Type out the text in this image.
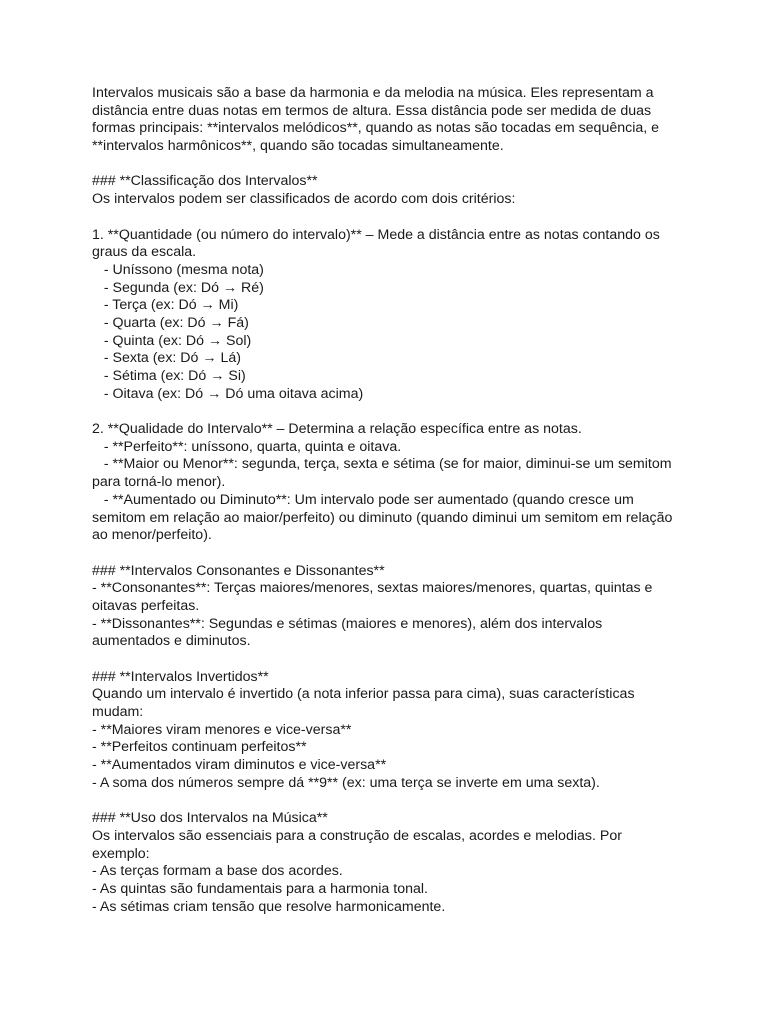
Intervalos musicais são a base da harmonia e da melodia na música. Eles representam a
distância entre duas notas em termos de altura. Essa distância pode ser medida de duas
formas principais: **intervalos melódicos**, quando as notas são tocadas em sequência, e
**intervalos harmônicos**, quando são tocadas simultaneamente.
### **Classificação dos Intervalos**
Os intervalos podem ser classificados de acordo com dois critérios:
1. **Quantidade (ou número do intervalo)** – Mede a distância entre as notas contando os
graus da escala.
- Uníssono (mesma nota)
- Segunda (ex: Dó → Ré)
- Terça (ex: Dó → Mi)
- Quarta (ex: Dó → Fá)
- Quinta (ex: Dó → Sol)
- Sexta (ex: Dó → Lá)
- Sétima (ex: Dó → Si)
- Oitava (ex: Dó → Dó uma oitava acima)
2. **Qualidade do Intervalo** – Determina a relação específica entre as notas.
- **Perfeito**: uníssono, quarta, quinta e oitava.
- **Maior ou Menor**: segunda, terça, sexta e sétima (se for maior, diminui-se um semitom
para torná-lo menor).
- **Aumentado ou Diminuto**: Um intervalo pode ser aumentado (quando cresce um
semitom em relação ao maior/perfeito) ou diminuto (quando diminui um semitom em relação
ao menor/perfeito).
### **Intervalos Consonantes e Dissonantes**
- **Consonantes**: Terças maiores/menores, sextas maiores/menores, quartas, quintas e
oitavas perfeitas.
- **Dissonantes**: Segundas e sétimas (maiores e menores), além dos intervalos
aumentados e diminutos.
### **Intervalos Invertidos**
Quando um intervalo é invertido (a nota inferior passa para cima), suas características
mudam:
- **Maiores viram menores e vice-versa**
- **Perfeitos continuam perfeitos**
- **Aumentados viram diminutos e vice-versa**
- A soma dos números sempre dá **9** (ex: uma terça se inverte em uma sexta).
### **Uso dos Intervalos na Música**
Os intervalos são essenciais para a construção de escalas, acordes e melodias. Por
exemplo:
- As terças formam a base dos acordes.
- As quintas são fundamentais para a harmonia tonal.
- As sétimas criam tensão que resolve harmonicamente.
